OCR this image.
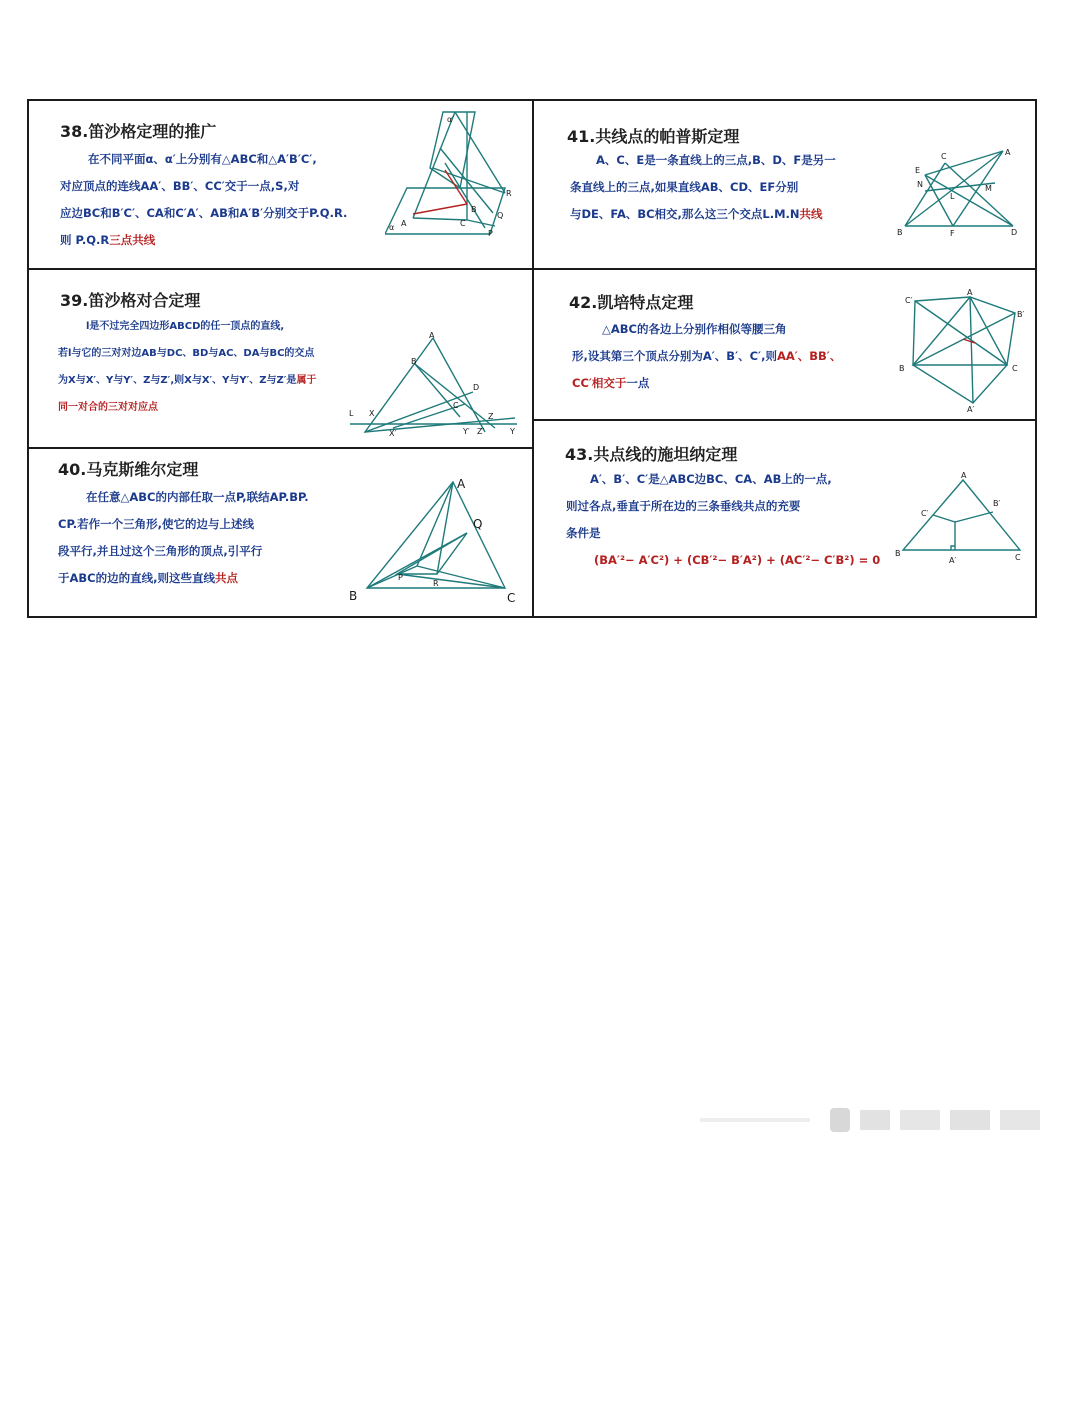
38.笛沙格定理的推广
在不同平面α、α′上分别有△ABC和△A′B′C′,
对应顶点的连线AA′、BB′、CC′交于一点,S,对
应边BC和B′C′、CA和C′A′、AB和A′B′分别交于P.Q.R.
则 P.Q.R三点共线
A
B
C
P
Q
R
α
α′
41.共线点的帕普斯定理
A、C、E是一条直线上的三点,B、D、F是另一
条直线上的三点,如果直线AB、CD、EF分别
与DE、FA、BC相交,那么这三个交点L.M.N共线
A
B
C
D
E
F
L
M
N
39.笛沙格对合定理
l是不过完全四边形ABCD的任一顶点的直线,
若l与它的三对对边AB与DC、BD与AC、DA与BC的交点
为X与X′、Y与Y′、Z与Z′,则X与X′、Y与Y′、Z与Z′是属于
同一对合的三对对应点
A
B
C
D
L X
X′	Y′
Z
Z′	Y
42.凯培特点定理
△ABC的各边上分别作相似等腰三角
形,设其第三个顶点分别为A′、B′、C′,则AA′、BB′、
CC′相交于一点
A
B	C
A′
B′
C′
40.马克斯维尔定理
在任意△ABC的内部任取一点P,联结AP.BP.
CP.若作一个三角形,使它的边与上述线
段平行,并且过这个三角形的顶点,引平行
于ABC的边的直线,则这些直线共点
A
B	C
P
Q
R
43.共点线的施坦纳定理
A′、B′、C′是△ABC边BC、CA、AB上的一点,
则过各点,垂直于所在边的三条垂线共点的充要
条件是
(BA′²− A′C²) + (CB′²− B′A²) + (AC′²− C′B²) = 0
A
B	C
A′
B′
C′
